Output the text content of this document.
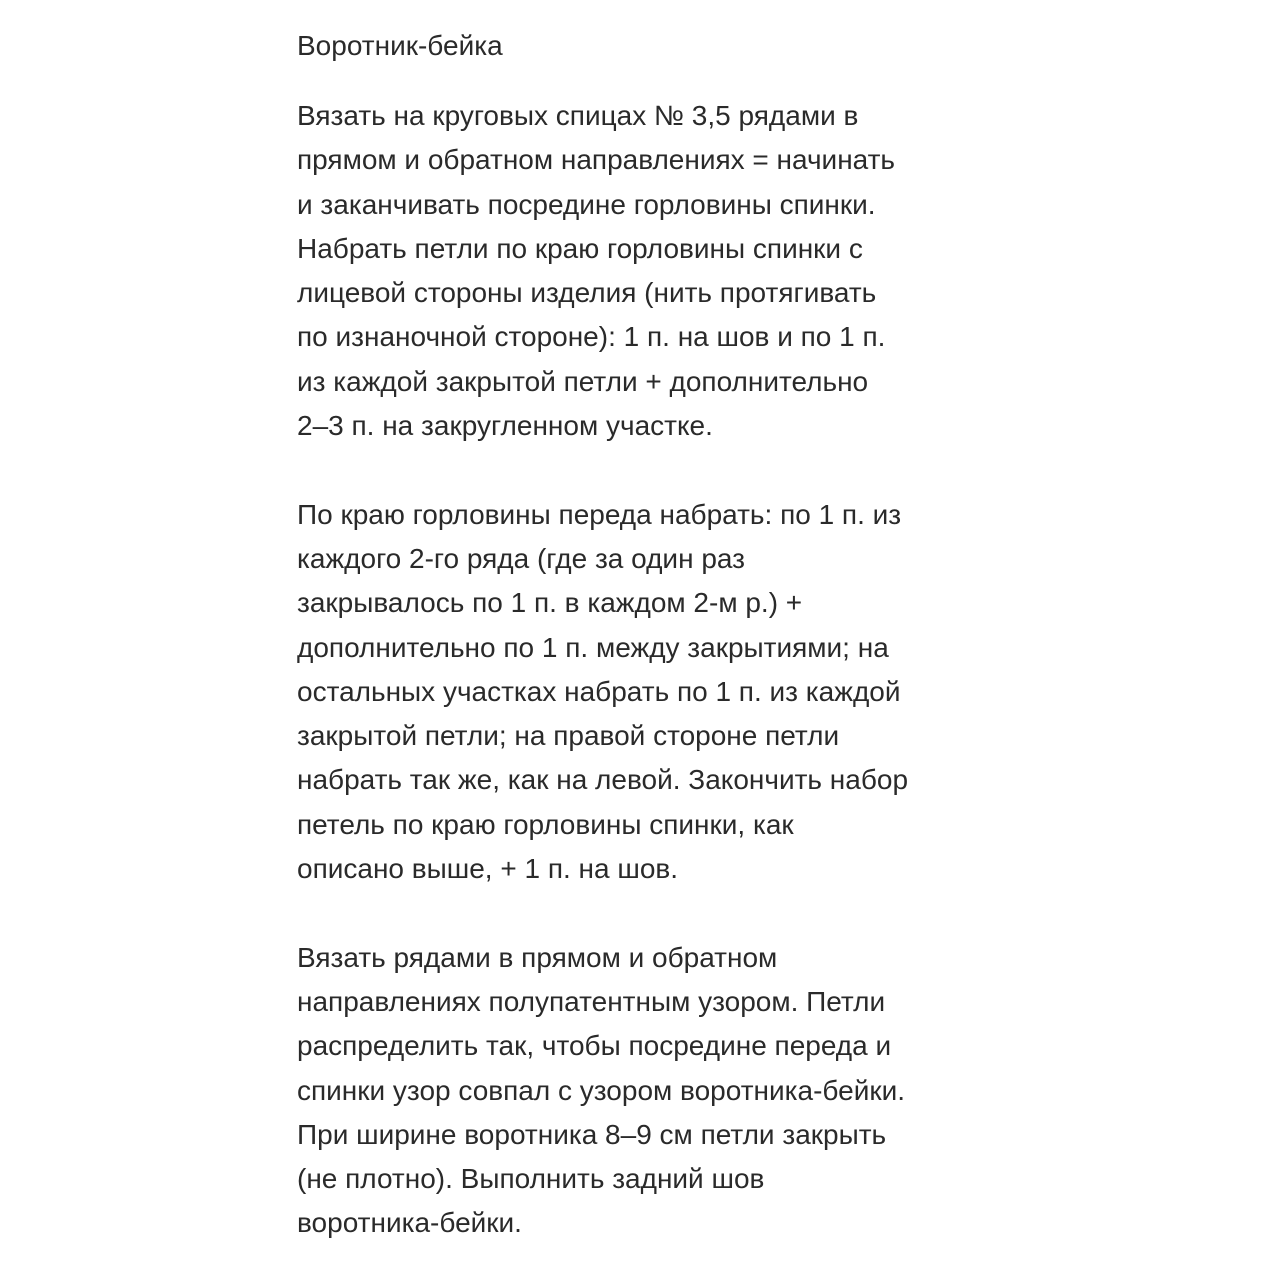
Воротник-бейка
Вязать на круговых спицах № 3,5 рядами в
прямом и обратном направлениях = начинать
и заканчивать посредине горловины спинки.
Набрать петли по краю горловины спинки с
лицевой стороны изделия (нить протягивать
по изнаночной стороне): 1 п. на шов и по 1 п.
из каждой закрытой петли + дополнительно
2–3 п. на закругленном участке.
По краю горловины переда набрать: по 1 п. из
каждого 2-го ряда (где за один раз
закрывалось по 1 п. в каждом 2-м р.) +
дополнительно по 1 п. между закрытиями; на
остальных участках набрать по 1 п. из каждой
закрытой петли; на правой стороне петли
набрать так же, как на левой. Закончить набор
петель по краю горловины спинки, как
описано выше, + 1 п. на шов.
Вязать рядами в прямом и обратном
направлениях полупатентным узором. Петли
распределить так, чтобы посредине переда и
спинки узор совпал с узором воротника-бейки.
При ширине воротника 8–9 см петли закрыть
(не плотно). Выполнить задний шов
воротника-бейки.
